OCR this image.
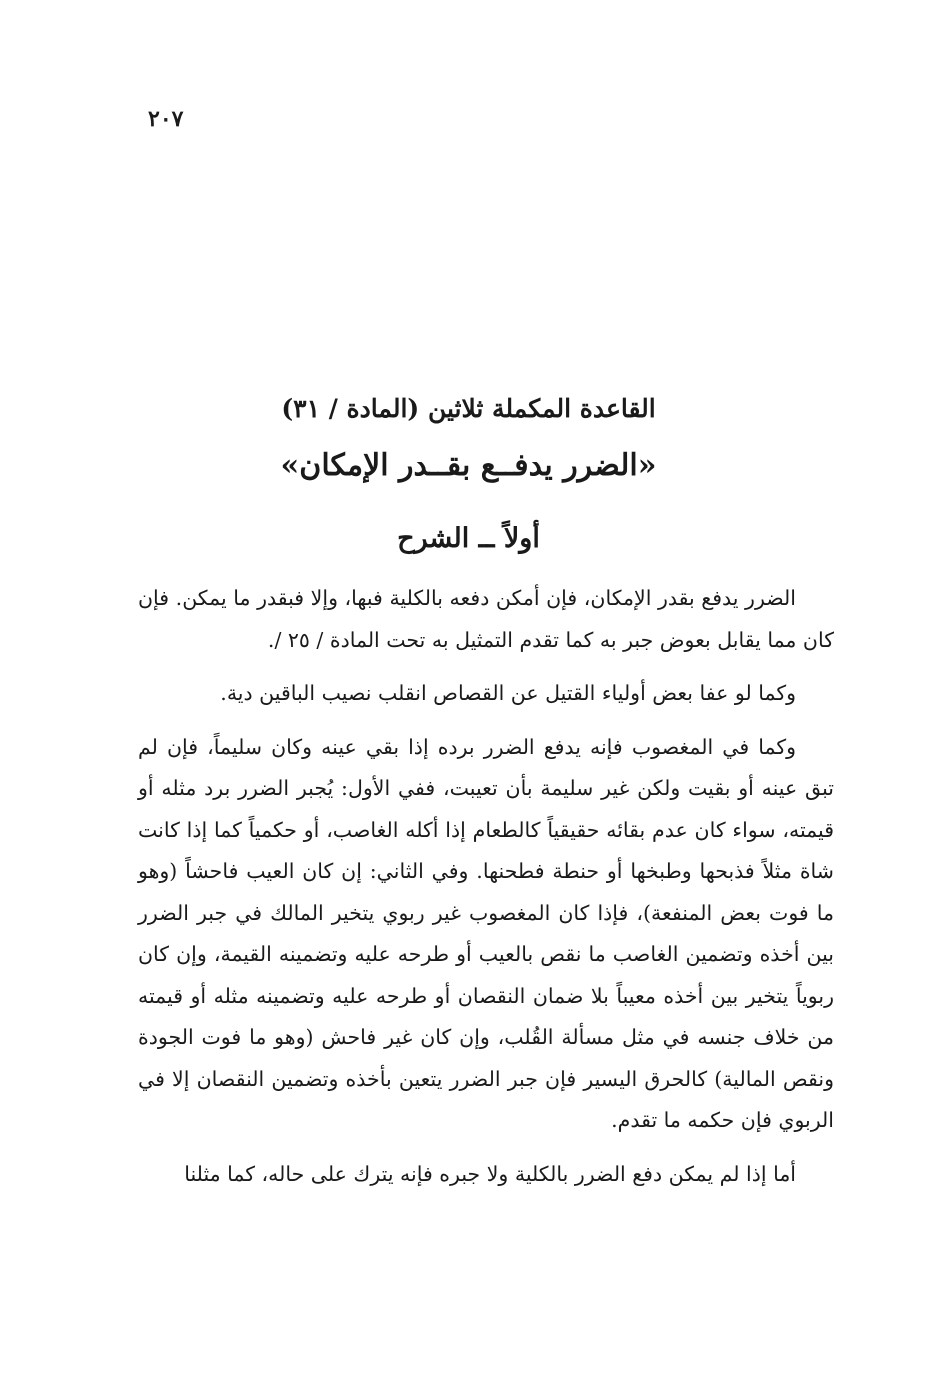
٢٠٧
القاعدة المكملة ثلاثين (المادة / ٣١)
«الضرر يدفــع بقــدر الإمكان»
أولاً ــ الشرح

الضرر يدفع بقدر الإمكان، فإن أمكن دفعه بالكلية فبها، وإلا فبقدر ما يمكن. فإن كان مما يقابل بعوض جبر به كما تقدم التمثيل به تحت المادة / ٢٥ /.

وكما لو عفا بعض أولياء القتيل عن القصاص انقلب نصيب الباقين دية.

وكما في المغصوب فإنه يدفع الضرر برده إذا بقي عينه وكان سليماً، فإن لم تبق عينه أو بقيت ولكن غير سليمة بأن تعيبت، ففي الأول: يُجبر الضرر برد مثله أو قيمته، سواء كان عدم بقائه حقيقياً كالطعام إذا أكله الغاصب، أو حكمياً كما إذا كانت شاة مثلاً فذبحها وطبخها أو حنطة فطحنها. وفي الثاني: إن كان العيب فاحشاً (وهو ما فوت بعض المنفعة)، فإذا كان المغصوب غير ربوي يتخير المالك في جبر الضرر بين أخذه وتضمين الغاصب ما نقص بالعيب أو طرحه عليه وتضمينه القيمة، وإن كان ربوياً يتخير بين أخذه معيباً بلا ضمان النقصان أو طرحه عليه وتضمينه مثله أو قيمته من خلاف جنسه في مثل مسألة القُلب، وإن كان غير فاحش (وهو ما فوت الجودة ونقص المالية) كالحرق اليسير فإن جبر الضرر يتعين بأخذه وتضمين النقصان إلا في الربوي فإن حكمه ما تقدم.

أما إذا لم يمكن دفع الضرر بالكلية ولا جبره فإنه يترك على حاله، كما مثلنا
